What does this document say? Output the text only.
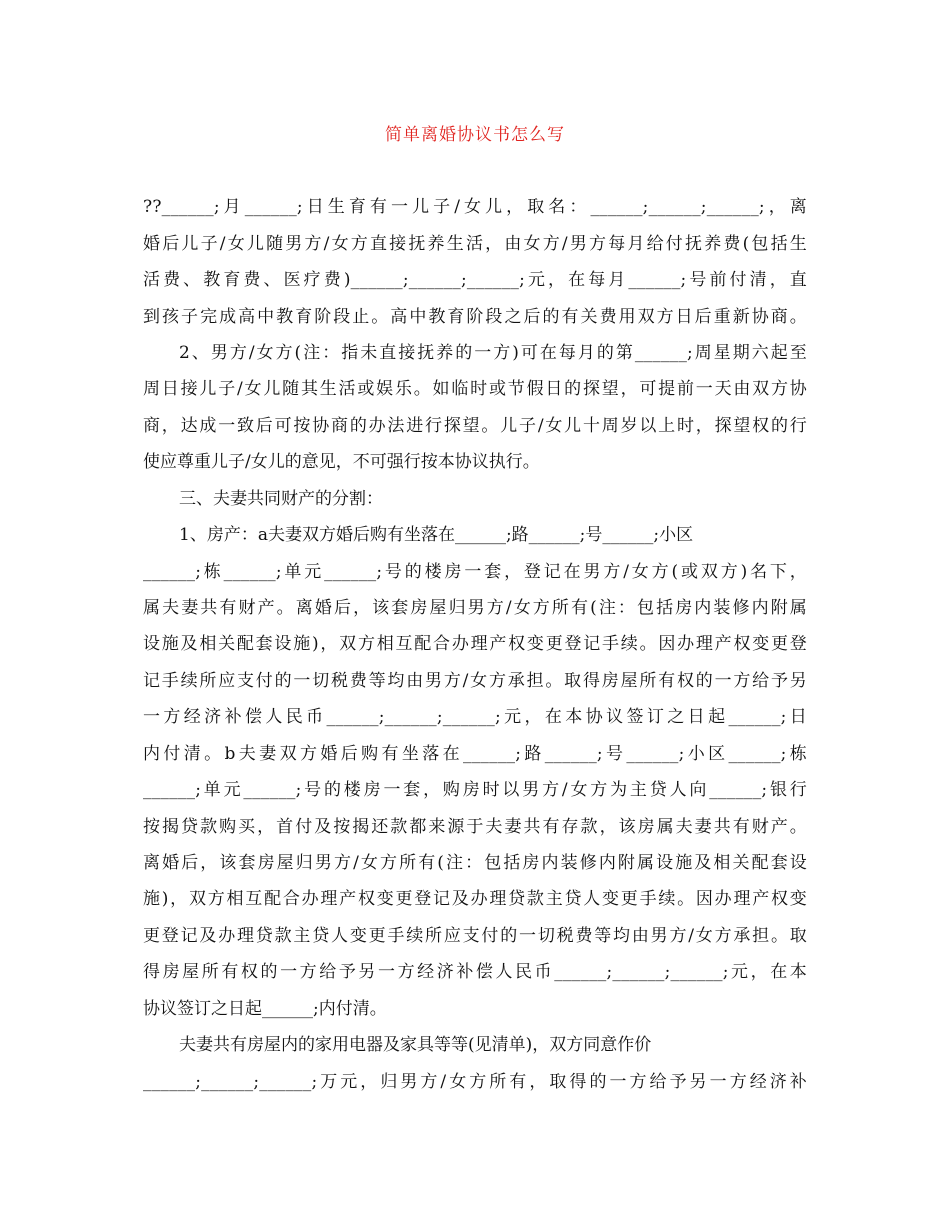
简单离婚协议书怎么写
??______;月______;日生育有一儿子/女儿，取名：______;______;______;，离
婚后儿子/女儿随男方/女方直接抚养生活，由女方/男方每月给付抚养费(包括生
活费、教育费、医疗费)______;______;______;元，在每月______;号前付清，直
到孩子完成高中教育阶段止。高中教育阶段之后的有关费用双方日后重新协商。
2、男方/女方(注：指未直接抚养的一方)可在每月的第______;周星期六起至
周日接儿子/女儿随其生活或娱乐。如临时或节假日的探望，可提前一天由双方协
商，达成一致后可按协商的办法进行探望。儿子/女儿十周岁以上时，探望权的行
使应尊重儿子/女儿的意见，不可强行按本协议执行。
三、夫妻共同财产的分割：
1、房产：a夫妻双方婚后购有坐落在______;路______;号______;小区
______;栋______;单元______;号的楼房一套，登记在男方/女方(或双方)名下，
属夫妻共有财产。离婚后，该套房屋归男方/女方所有(注：包括房内装修内附属
设施及相关配套设施)，双方相互配合办理产权变更登记手续。因办理产权变更登
记手续所应支付的一切税费等均由男方/女方承担。取得房屋所有权的一方给予另
一方经济补偿人民币______;______;______;元，在本协议签订之日起______;日
内付清。b夫妻双方婚后购有坐落在______;路______;号______;小区______;栋
______;单元______;号的楼房一套，购房时以男方/女方为主贷人向______;银行
按揭贷款购买，首付及按揭还款都来源于夫妻共有存款，该房属夫妻共有财产。
离婚后，该套房屋归男方/女方所有(注：包括房内装修内附属设施及相关配套设
施)，双方相互配合办理产权变更登记及办理贷款主贷人变更手续。因办理产权变
更登记及办理贷款主贷人变更手续所应支付的一切税费等均由男方/女方承担。取
得房屋所有权的一方给予另一方经济补偿人民币______;______;______;元，在本
协议签订之日起______;内付清。
夫妻共有房屋内的家用电器及家具等等(见清单)，双方同意作价
______;______;______;万元，归男方/女方所有，取得的一方给予另一方经济补
